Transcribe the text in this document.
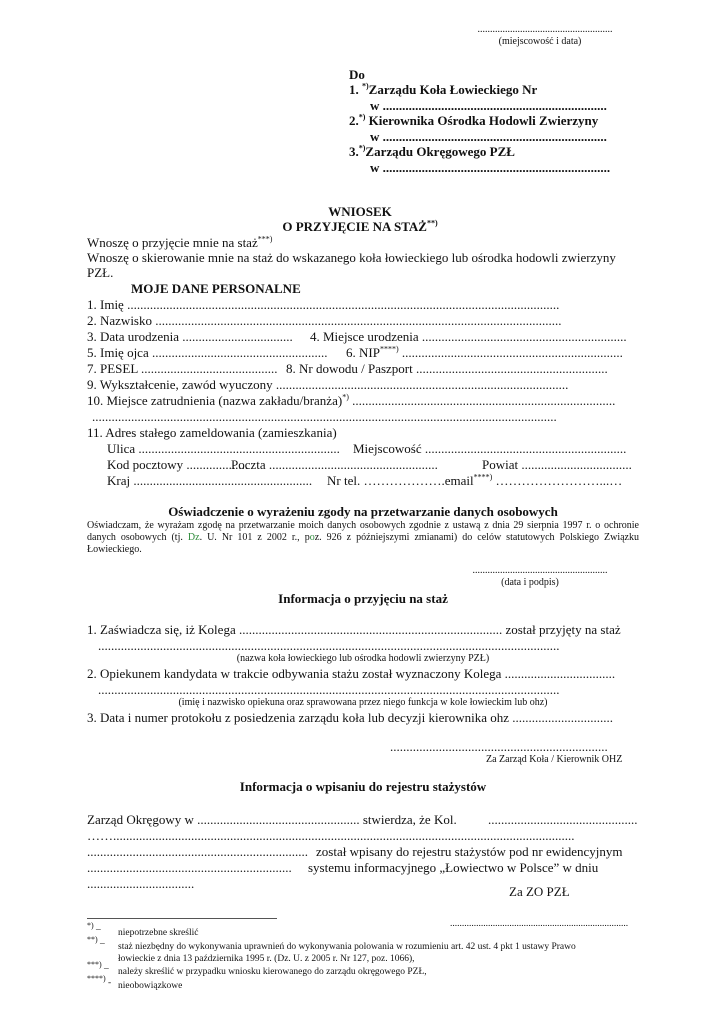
......................................................
(miejscowość i data)
Do
1. *)Zarządu Koła Łowieckiego Nr
w .....................................................................
2.*) Kierownika Ośrodka Hodowli Zwierzyny
w .....................................................................
3.*)Zarządu Okręgowego PZŁ
w ......................................................................
WNIOSEK
O PRZYJĘCIE NA STAŻ**)
Wnoszę o przyjęcie mnie na staż***)
Wnoszę o skierowanie mnie na staż do wskazanego koła łowieckiego lub ośrodka hodowli zwierzyny
PZŁ.
MOJE DANE PERSONALNE
1. Imię .....................................................................................................................................
2. Nazwisko .............................................................................................................................
3. Data urodzenia .................................. 4. Miejsce urodzenia ...............................................................
5. Imię ojca ...................................................... 6. NIP****) ....................................................................
7. PESEL .......................................... 8. Nr dowodu / Paszport ...........................................................
9. Wykształcenie, zawód wyuczony ..........................................................................................
10. Miejsce zatrudnienia (nazwa zakładu/branża)*) .................................................................................
...............................................................................................................................................
11. Adres stałego zameldowania (zamieszkania)
Ulica .............................................................. Miejscowość ..............................................................
Kod pocztowy ...................
Poczta ....................................................	Powiat ..................................
Kraj ....................................................... Nr tel. ……………….email****) ……………………...…
Oświadczenie o wyrażeniu zgody na przetwarzanie danych osobowych
Oświadczam, że wyrażam zgodę na przetwarzanie moich danych osobowych zgodnie z ustawą z dnia 29 sierpnia 1997 r. o ochronie danych osobowych (tj. Dz. U. Nr 101 z 2002 r., poz. 926 z późniejszymi zmianami) do celów statutowych Polskiego Związku Łowieckiego.
......................................................
(data i podpis)
Informacja o przyjęciu na staż
1. Zaświadcza się, iż Kolega ................................................................................. został przyjęty na staż
..............................................................................................................................................
(nazwa koła łowieckiego lub ośrodka hodowli zwierzyny PZŁ)
2. Opiekunem kandydata w trakcie odbywania stażu został wyznaczony Kolega ..................................
..............................................................................................................................................
(imię i nazwisko opiekuna oraz sprawowana przez niego funkcja w kole łowieckim lub ohz)
3. Data i numer protokołu z posiedzenia zarządu koła lub decyzji kierownika ohz ...............................
...................................................................
Za Zarząd Koła / Kierownik OHZ
Informacja o wpisaniu do rejestru stażystów
Zarząd Okręgowy w .................................................. stwierdza, że Kol. ..............................................
……..............................................................................................................................................
.................................................................... został wpisany do rejestru stażystów pod nr ewidencyjnym
............................................................... systemu informacyjnego „Łowiectwo w Polsce” w dniu
.................................
Za ZO PZŁ
...........................................................................
*) – niepotrzebne skreślić
**) – staż niezbędny do wykonywania uprawnień do wykonywania polowania w rozumieniu art. 42 ust. 4 pkt 1 ustawy Prawo
łowieckie z dnia 13 października 1995 r. (Dz. U. z 2005 r. Nr 127, poz. 1066),
***) – należy skreślić w przypadku wniosku kierowanego do zarządu okręgowego PZŁ,
****) - nieobowiązkowe
